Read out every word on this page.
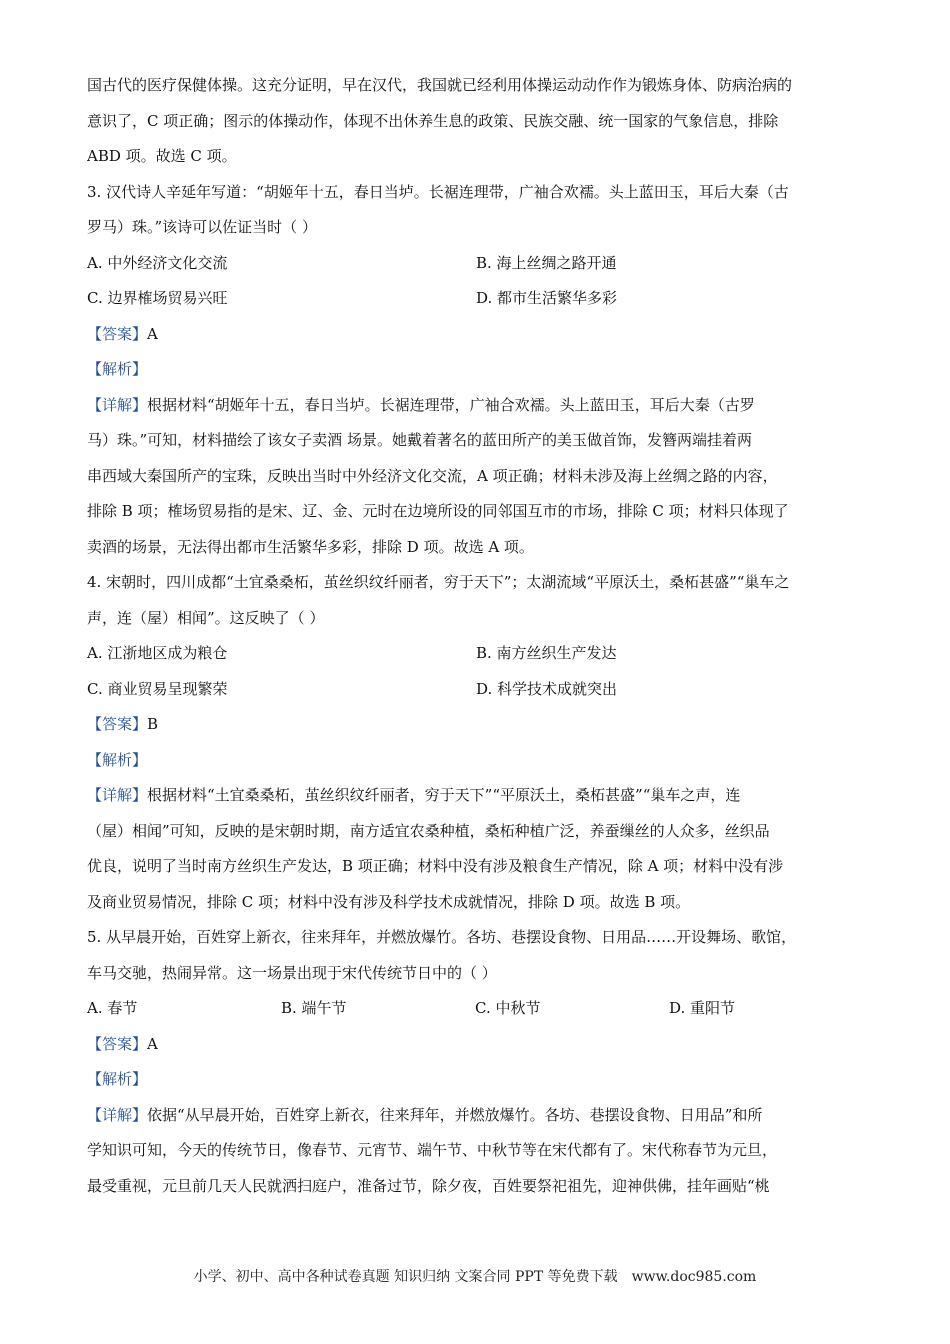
国古代的医疗保健体操。这充分证明，早在汉代，我国就已经利用体操运动动作作为锻炼身体、防病治病的
意识了，C 项正确；图示的体操动作，体现不出休养生息的政策、民族交融、统一国家的气象信息，排除
ABD 项。故选 C 项。
3. 汉代诗人辛延年写道：“胡姬年十五，春日当垆。长裾连理带，广袖合欢襦。头上蓝田玉，耳后大秦（古
罗马）珠。”该诗可以佐证当时（ ）
A. 中外经济文化交流	B. 海上丝绸之路开通
C. 边界榷场贸易兴旺	D. 都市生活繁华多彩
【答案】A
【解析】
【详解】根据材料“胡姬年十五，春日当垆。长裾连理带，广袖合欢襦。头上蓝田玉，耳后大秦（古罗
马）珠。”可知，材料描绘了该女子卖酒 场景。她戴着著名的蓝田所产的美玉做首饰，发簪两端挂着两
串西域大秦国所产的宝珠，反映出当时中外经济文化交流，A 项正确；材料未涉及海上丝绸之路的内容，
排除 B 项；榷场贸易指的是宋、辽、金、元时在边境所设的同邻国互市的市场，排除 C 项；材料只体现了
卖酒的场景，无法得出都市生活繁华多彩，排除 D 项。故选 A 项。
4. 宋朝时，四川成都“土宜桑桑柘，茧丝织纹纤丽者，穷于天下”；太湖流域“平原沃土，桑柘甚盛”“巢车之
声，连（屋）相闻”。这反映了（ ）
A. 江浙地区成为粮仓	B. 南方丝织生产发达
C. 商业贸易呈现繁荣	D. 科学技术成就突出
【答案】B
【解析】
【详解】根据材料“土宜桑桑柘，茧丝织纹纤丽者，穷于天下”“平原沃土，桑柘甚盛”“巢车之声，连
（屋）相闻”可知，反映的是宋朝时期，南方适宜农桑种植，桑柘种植广泛，养蚕缫丝的人众多，丝织品
优良，说明了当时南方丝织生产发达，B 项正确；材料中没有涉及粮食生产情况，除 A 项；材料中没有涉
及商业贸易情况，排除 C 项；材料中没有涉及科学技术成就情况，排除 D 项。故选 B 项。
5. 从早晨开始，百姓穿上新衣，往来拜年，并燃放爆竹。各坊、巷摆设食物、日用品……开设舞场、歌馆，
车马交驰，热闹异常。这一场景出现于宋代传统节日中的（ ）
A. 春节	B. 端午节	C. 中秋节	D. 重阳节
【答案】A
【解析】
【详解】依据“从早晨开始，百姓穿上新衣，往来拜年，并燃放爆竹。各坊、巷摆设食物、日用品”和所
学知识可知，今天的传统节日，像春节、元宵节、端午节、中秋节等在宋代都有了。宋代称春节为元旦，
最受重视，元旦前几天人民就洒扫庭户，准备过节，除夕夜，百姓要祭祀祖先，迎神供佛，挂年画贴“桃
小学、初中、高中各种试卷真题 知识归纳 文案合同 PPT 等免费下载 www.doc985.com
